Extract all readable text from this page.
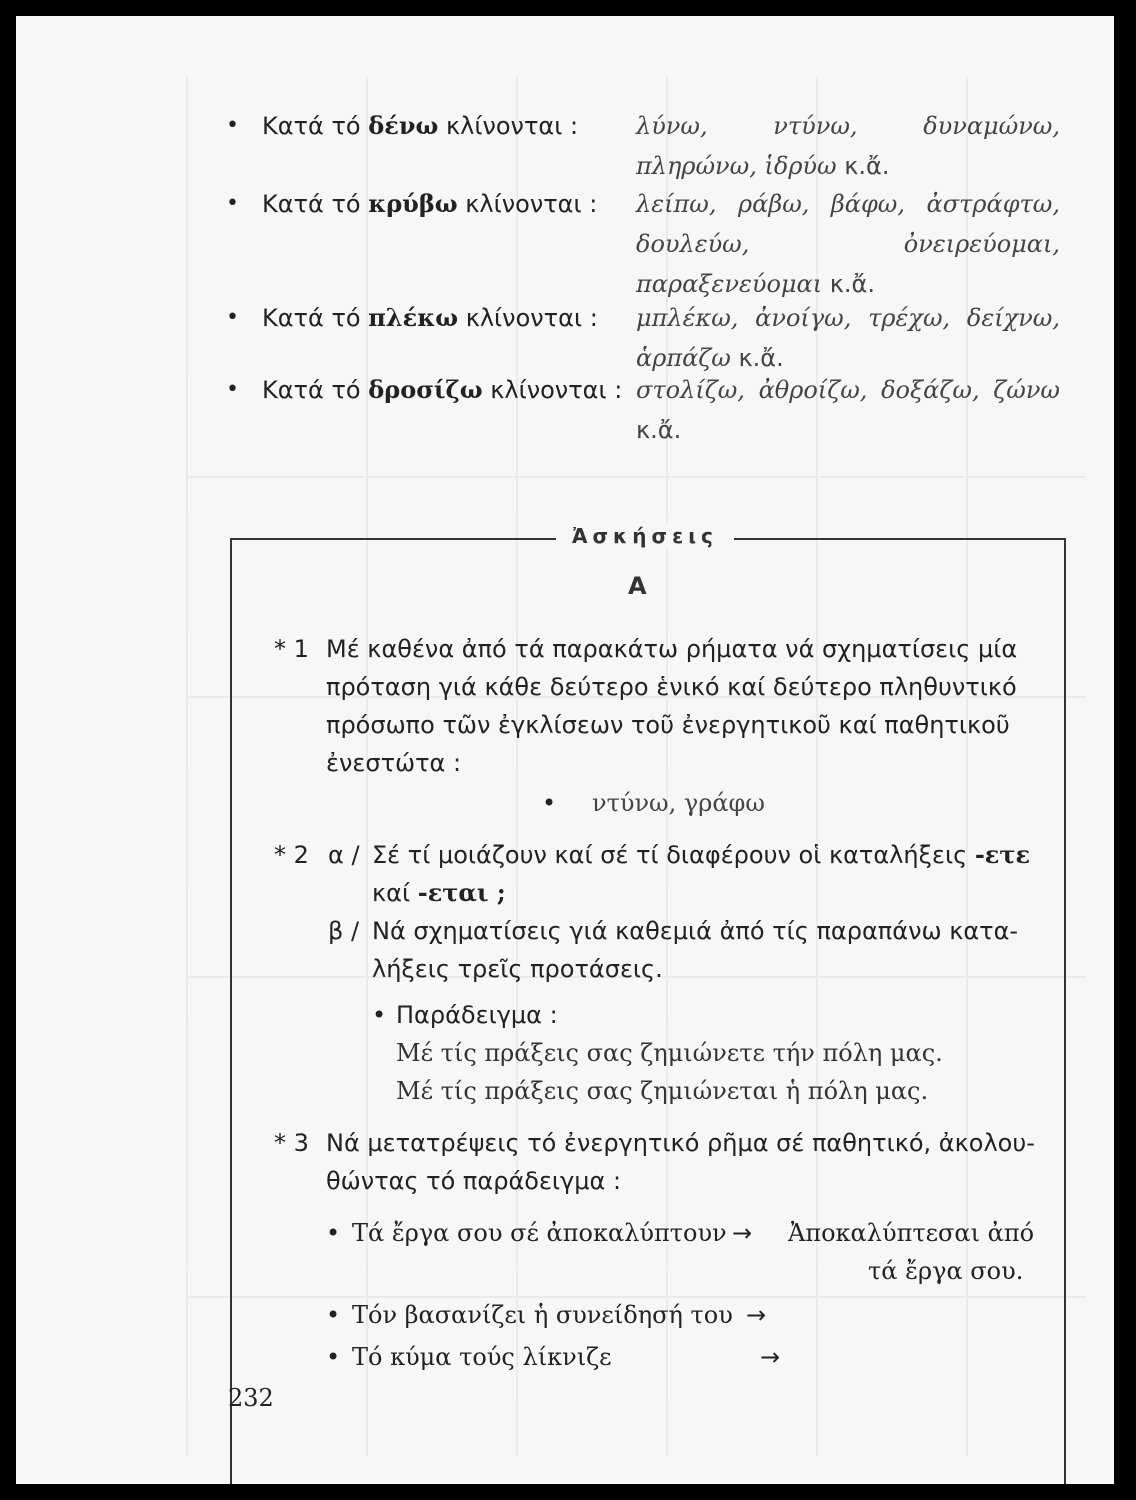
• Κατά τό δένω κλίνονται : λύνω, ντύνω, δυναμώνω, πληρώνω, ἱδρύω κ.ἄ.
• Κατά τό κρύβω κλίνονται : λείπω, ράβω, βάφω, ἀστράφτω, δουλεύω, ὀνειρεύομαι, παραξενεύομαι κ.ἄ.
• Κατά τό πλέκω κλίνονται : μπλέκω, ἀνοίγω, τρέχω, δείχνω, ἁρπάζω κ.ἄ.
• Κατά τό δροσίζω κλίνονται : στολίζω, ἀθροίζω, δοξάζω, ζώνω κ.ἄ.
Ἀσκήσεις
Α
* 1 Μέ καθένα ἀπό τά παρακάτω ρήματα νά σχηματίσεις μία
πρόταση γιά κάθε δεύτερο ἑνικό καί δεύτερο πληθυντικό
πρόσωπο τῶν ἐγκλίσεων τοῦ ἐνεργητικοῦ καί παθητικοῦ
ἐνεστώτα :
• ντύνω, γράφω
* 2 α / Σέ τί μοιάζουν καί σέ τί διαφέρουν οἱ καταλήξεις -ετε
καί -εται ;
β / Νά σχηματίσεις γιά καθεμιά ἀπό τίς παραπάνω κατα-
λήξεις τρεῖς προτάσεις.
• Παράδειγμα :
Μέ τίς πράξεις σας ζημιώνετε τήν πόλη μας.
Μέ τίς πράξεις σας ζημιώνεται ἡ πόλη μας.
* 3 Νά μετατρέψεις τό ἐνεργητικό ρῆμα σέ παθητικό, ἀκολου-
θώντας τό παράδειγμα :
• Τά ἔργα σου σέ ἀποκαλύπτουν → Ἀποκαλύπτεσαι ἀπό
τά ἔργα σου.
• Τόν βασανίζει ἡ συνείδησή του →
• Τό κύμα τούς λίκνιζε	→
232
